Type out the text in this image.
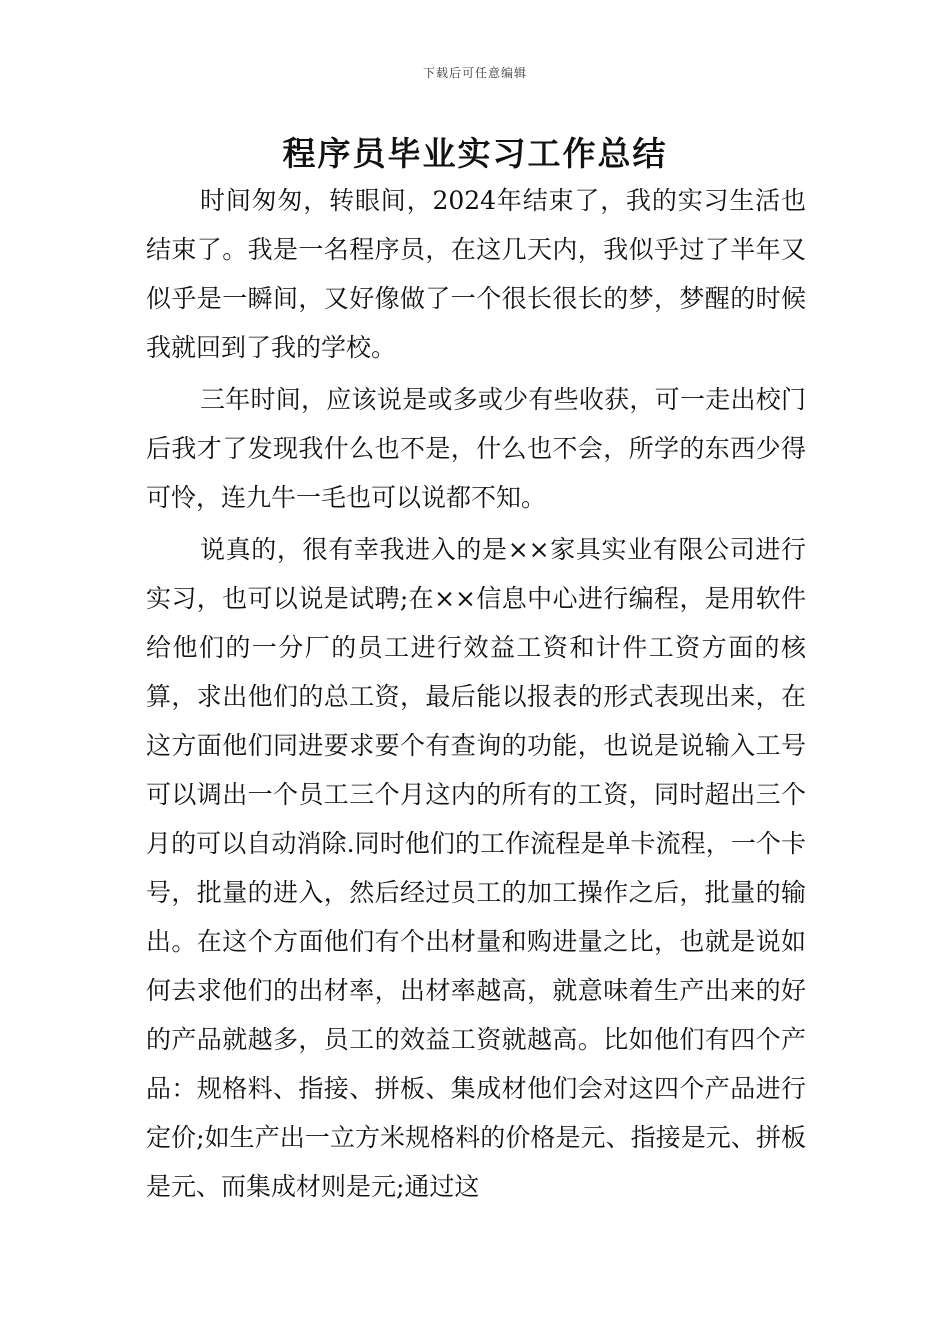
下载后可任意编辑
程序员毕业实习工作总结

时间匆匆，转眼间，2024年结束了，我的实习生活也结束了。我是一名程序员，在这几天内，我似乎过了半年又似乎是一瞬间，又好像做了一个很长很长的梦，梦醒的时候我就回到了我的学校。

三年时间，应该说是或多或少有些收获，可一走出校门后我才了发现我什么也不是，什么也不会，所学的东西少得可怜，连九牛一毛也可以说都不知。

说真的，很有幸我进入的是××家具实业有限公司进行实习，也可以说是试聘;在××信息中心进行编程，是用软件给他们的一分厂的员工进行效益工资和计件工资方面的核算，求出他们的总工资，最后能以报表的形式表现出来，在这方面他们同进要求要个有查询的功能，也说是说输入工号可以调出一个员工三个月这内的所有的工资，同时超出三个月的可以自动消除.同时他们的工作流程是单卡流程，一个卡号，批量的进入，然后经过员工的加工操作之后，批量的输出。在这个方面他们有个出材量和购进量之比，也就是说如何去求他们的出材率，出材率越高，就意味着生产出来的好的产品就越多，员工的效益工资就越高。比如他们有四个产品：规格料、指接、拼板、集成材他们会对这四个产品进行定价;如生产出一立方米规格料的价格是元、指接是元、拼板是元、而集成材则是元;通过这
